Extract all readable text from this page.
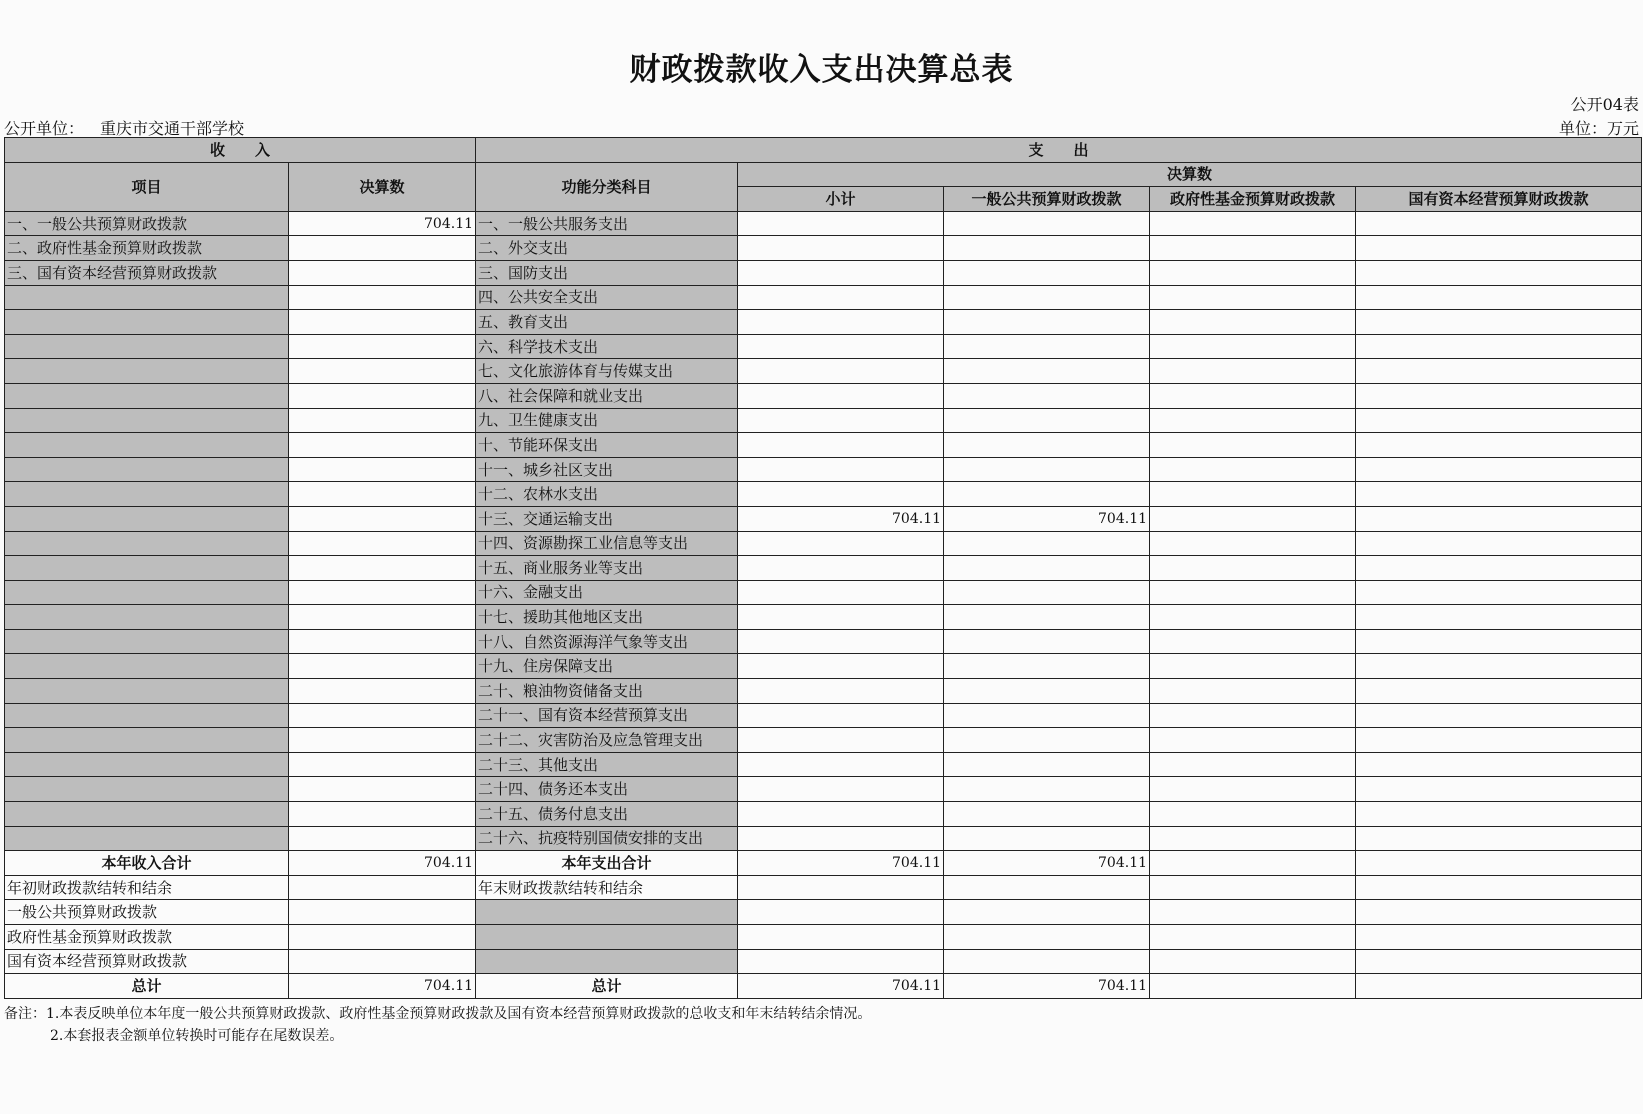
财政拨款收入支出决算总表
公开04表
公开单位： 重庆市交通干部学校	单位：万元
收　　入		支　　出				
项目	决算数	功能分类科目	决算数			
			小计	一般公共预算财政拨款	政府性基金预算财政拨款	国有资本经营预算财政拨款
一、一般公共预算财政拨款	704.11	一、一般公共服务支出				
二、政府性基金预算财政拨款		二、外交支出				
三、国有资本经营预算财政拨款		三、国防支出				
		四、公共安全支出				
		五、教育支出				
		六、科学技术支出				
		七、文化旅游体育与传媒支出				
		八、社会保障和就业支出				
		九、卫生健康支出				
		十、节能环保支出				
		十一、城乡社区支出				
		十二、农林水支出				
		十三、交通运输支出	704.11	704.11		
		十四、资源勘探工业信息等支出				
		十五、商业服务业等支出				
		十六、金融支出				
		十七、援助其他地区支出				
		十八、自然资源海洋气象等支出				
		十九、住房保障支出				
		二十、粮油物资储备支出				
		二十一、国有资本经营预算支出				
		二十二、灾害防治及应急管理支出				
		二十三、其他支出				
		二十四、债务还本支出				
		二十五、债务付息支出				
		二十六、抗疫特别国债安排的支出				
本年收入合计	704.11	本年支出合计	704.11	704.11		
年初财政拨款结转和结余		年末财政拨款结转和结余				
一般公共预算财政拨款						
政府性基金预算财政拨款						
国有资本经营预算财政拨款						
总计	704.11	总计	704.11	704.11		
备注：1.本表反映单位本年度一般公共预算财政拨款、政府性基金预算财政拨款及国有资本经营预算财政拨款的总收支和年末结转结余情况。
2.本套报表金额单位转换时可能存在尾数误差。
